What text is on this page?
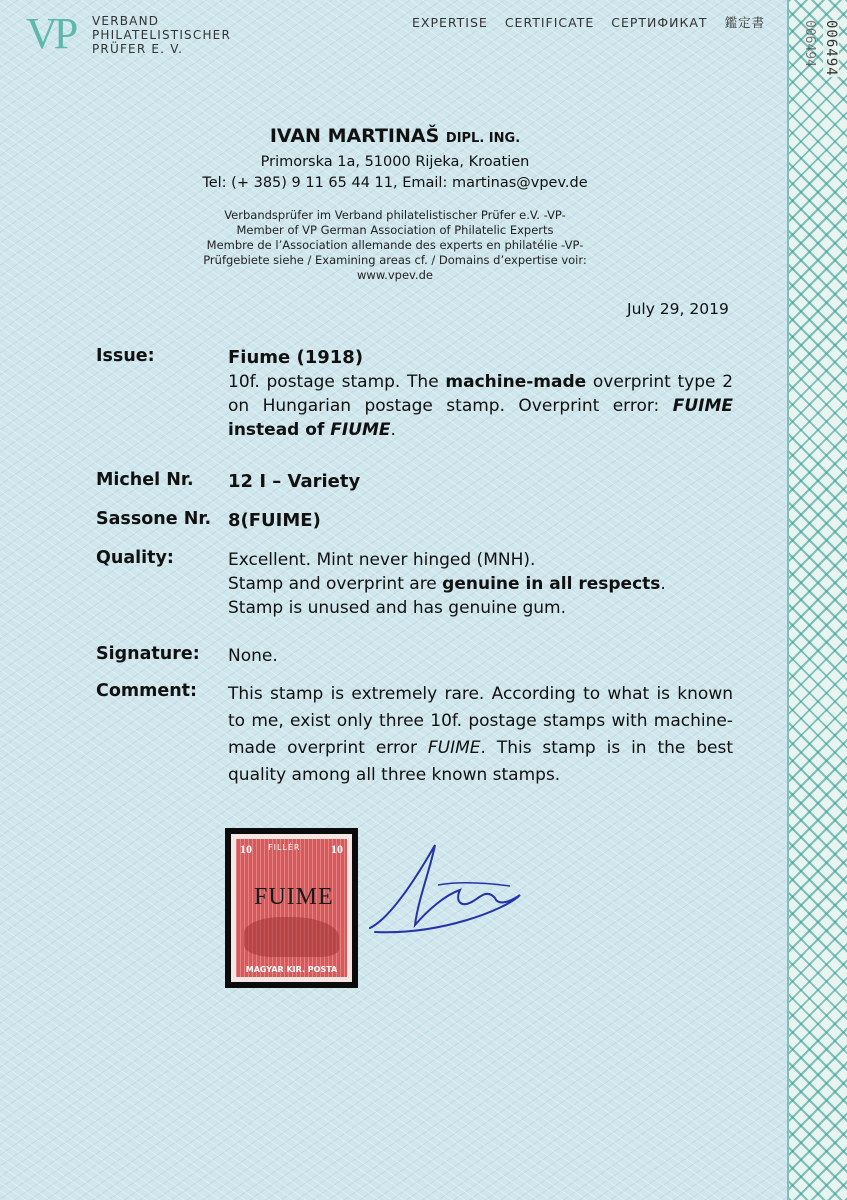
006494 006494
VP VERBAND
PHILATELISTISCHER
PRÜFER E. V.
EXPERTISE CERTIFICATE СЕРТИФИКАТ 鑑定書
IVAN MARTINAŠ DIPL. ING.
Primorska 1a, 51000 Rijeka, Kroatien
Tel: (+ 385) 9 11 65 44 11, Email: martinas@vpev.de
Verbandsprüfer im Verband philatelistischer Prüfer e.V. -VP-
Member of VP German Association of Philatelic Experts
Membre de l’Association allemande des experts en philatélie -VP-
Prüfgebiete siehe / Examining areas cf. / Domains d’expertise voir:
www.vpev.de
July 29, 2019
Issue:	Fiume (1918)
10f. postage stamp. The machine-made overprint type 2 on Hungarian postage stamp. Overprint error: FUIME instead of FIUME.
Michel Nr. 12 I – Variety
Sassone Nr. 8(FUIME)
Quality:	Excellent. Mint never hinged (MNH).
Stamp and overprint are genuine in all respects.
Stamp is unused and has genuine gum.
Signature: None.
Comment: This stamp is extremely rare. According to what is known to me, exist only three 10f. postage stamps with machine-made overprint error FUIME. This stamp is in the best quality among all three known stamps.
10 FILLÉR	10
FUIME
MAGYAR KIR. POSTA
